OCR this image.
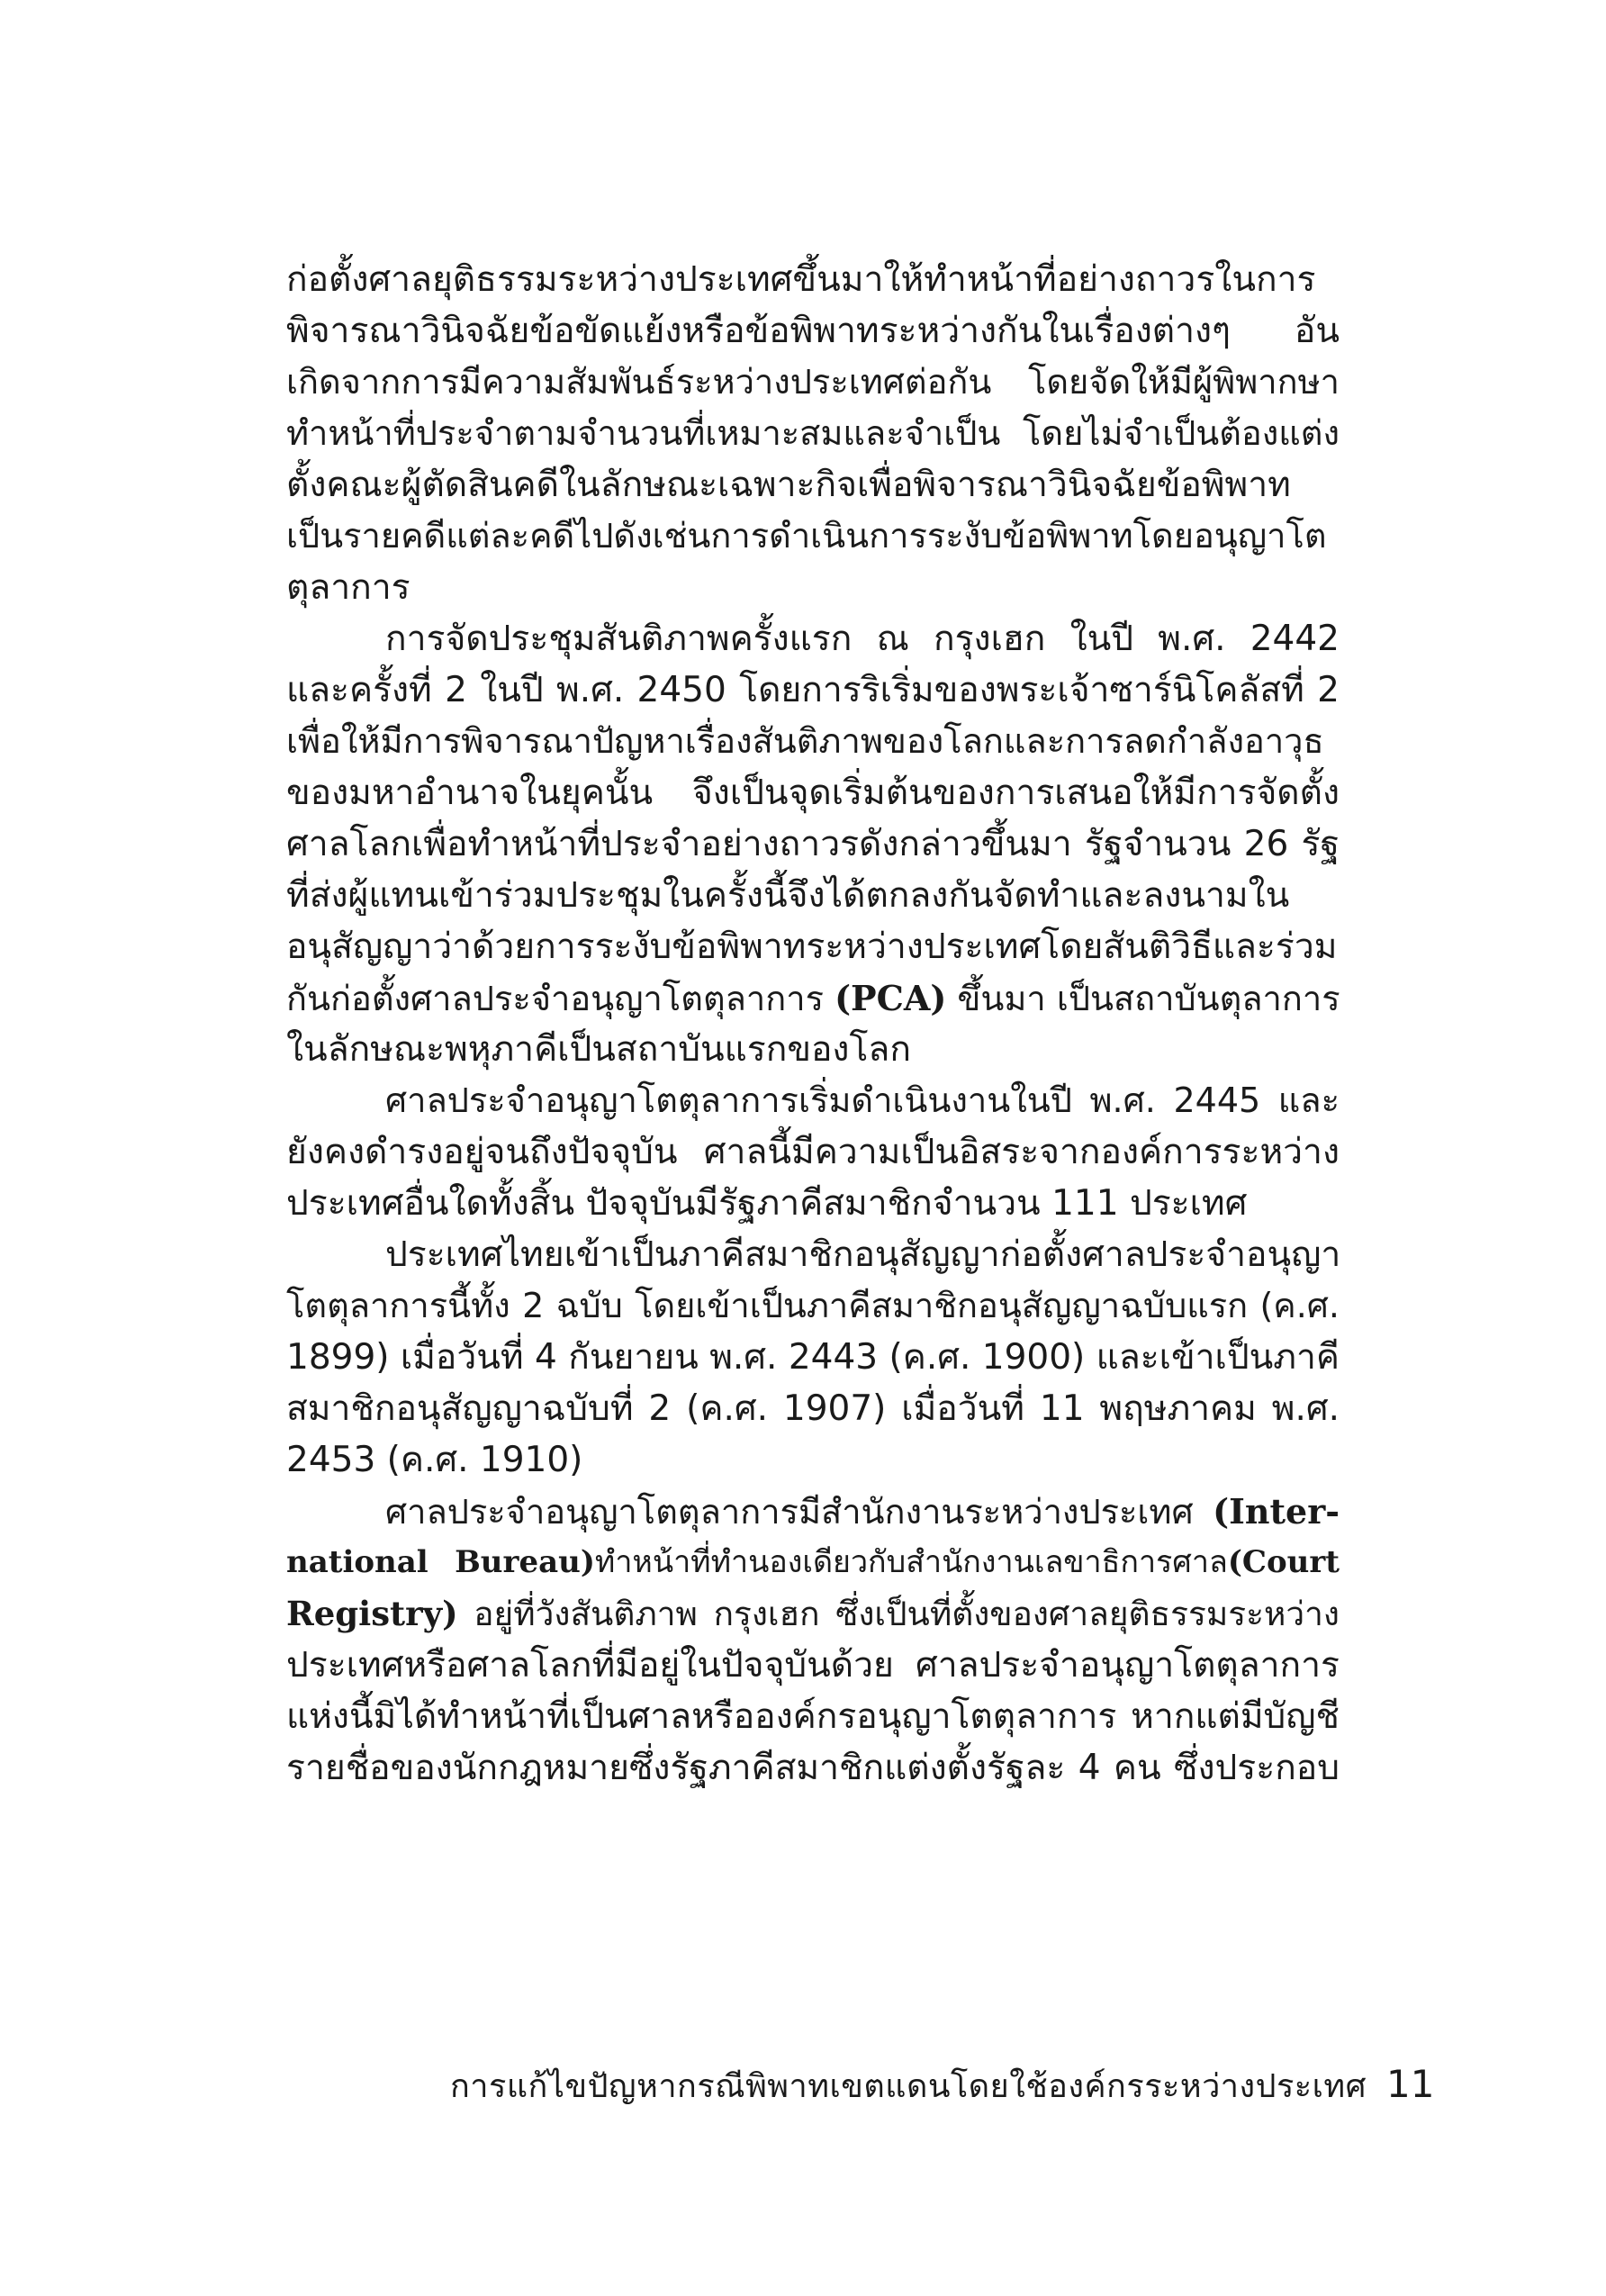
ก่อตั้งศาลยุติธรรมระหว่างประเทศขึ้นมาให้ทำหน้าที่อย่างถาวรในการ
พิจารณาวินิจฉัยข้อขัดแย้งหรือข้อพิพาทระหว่างกันในเรื่องต่างๆ อัน
เกิดจากการมีความสัมพันธ์ระหว่างประเทศต่อกัน โดยจัดให้มีผู้พิพากษา
ทำหน้าที่ประจำตามจำนวนที่เหมาะสมและจำเป็น โดยไม่จำเป็นต้องแต่ง
ตั้งคณะผู้ตัดสินคดีในลักษณะเฉพาะกิจเพื่อพิจารณาวินิจฉัยข้อพิพาท
เป็นรายคดีแต่ละคดีไปดังเช่นการดำเนินการระงับข้อพิพาทโดยอนุญาโต
ตุลาการ
การจัดประชุมสันติภาพครั้งแรก ณ กรุงเฮก ในปี พ.ศ. 2442
และครั้งที่ 2 ในปี พ.ศ. 2450 โดยการริเริ่มของพระเจ้าซาร์นิโคลัสที่ 2
เพื่อให้มีการพิจารณาปัญหาเรื่องสันติภาพของโลกและการลดกำลังอาวุธ
ของมหาอำนาจในยุคนั้น จึงเป็นจุดเริ่มต้นของการเสนอให้มีการจัดตั้ง
ศาลโลกเพื่อทำหน้าที่ประจำอย่างถาวรดังกล่าวขึ้นมา รัฐจำนวน 26 รัฐ
ที่ส่งผู้แทนเข้าร่วมประชุมในครั้งนี้จึงได้ตกลงกันจัดทำและลงนามใน
อนุสัญญาว่าด้วยการระงับข้อพิพาทระหว่างประเทศโดยสันติวิธีและร่วม
กันก่อตั้งศาลประจำอนุญาโตตุลาการ (PCA) ขึ้นมา เป็นสถาบันตุลาการ
ในลักษณะพหุภาคีเป็นสถาบันแรกของโลก
ศาลประจำอนุญาโตตุลาการเริ่มดำเนินงานในปี พ.ศ. 2445 และ
ยังคงดำรงอยู่จนถึงปัจจุบัน ศาลนี้มีความเป็นอิสระจากองค์การระหว่าง
ประเทศอื่นใดทั้งสิ้น ปัจจุบันมีรัฐภาคีสมาชิกจำนวน 111 ประเทศ
ประเทศไทยเข้าเป็นภาคีสมาชิกอนุสัญญาก่อตั้งศาลประจำอนุญา
โตตุลาการนี้ทั้ง 2 ฉบับ โดยเข้าเป็นภาคีสมาชิกอนุสัญญาฉบับแรก (ค.ศ.
1899) เมื่อวันที่ 4 กันยายน พ.ศ. 2443 (ค.ศ. 1900) และเข้าเป็นภาคี
สมาชิกอนุสัญญาฉบับที่ 2 (ค.ศ. 1907) เมื่อวันที่ 11 พฤษภาคม พ.ศ.
2453 (ค.ศ. 1910)
ศาลประจำอนุญาโตตุลาการมีสำนักงานระหว่างประเทศ (Inter-
national Bureau)ทำหน้าที่ทำนองเดียวกับสำนักงานเลขาธิการศาล(Court
Registry) อยู่ที่วังสันติภาพ กรุงเฮก ซึ่งเป็นที่ตั้งของศาลยุติธรรมระหว่าง
ประเทศหรือศาลโลกที่มีอยู่ในปัจจุบันด้วย ศาลประจำอนุญาโตตุลาการ
แห่งนี้มิได้ทำหน้าที่เป็นศาลหรือองค์กรอนุญาโตตุลาการ หากแต่มีบัญชี
รายชื่อของนักกฎหมายซึ่งรัฐภาคีสมาชิกแต่งตั้งรัฐละ 4 คน ซึ่งประกอบ
การแก้ไขปัญหากรณีพิพาทเขตแดนโดยใช้องค์กรระหว่างประเทศ 11
